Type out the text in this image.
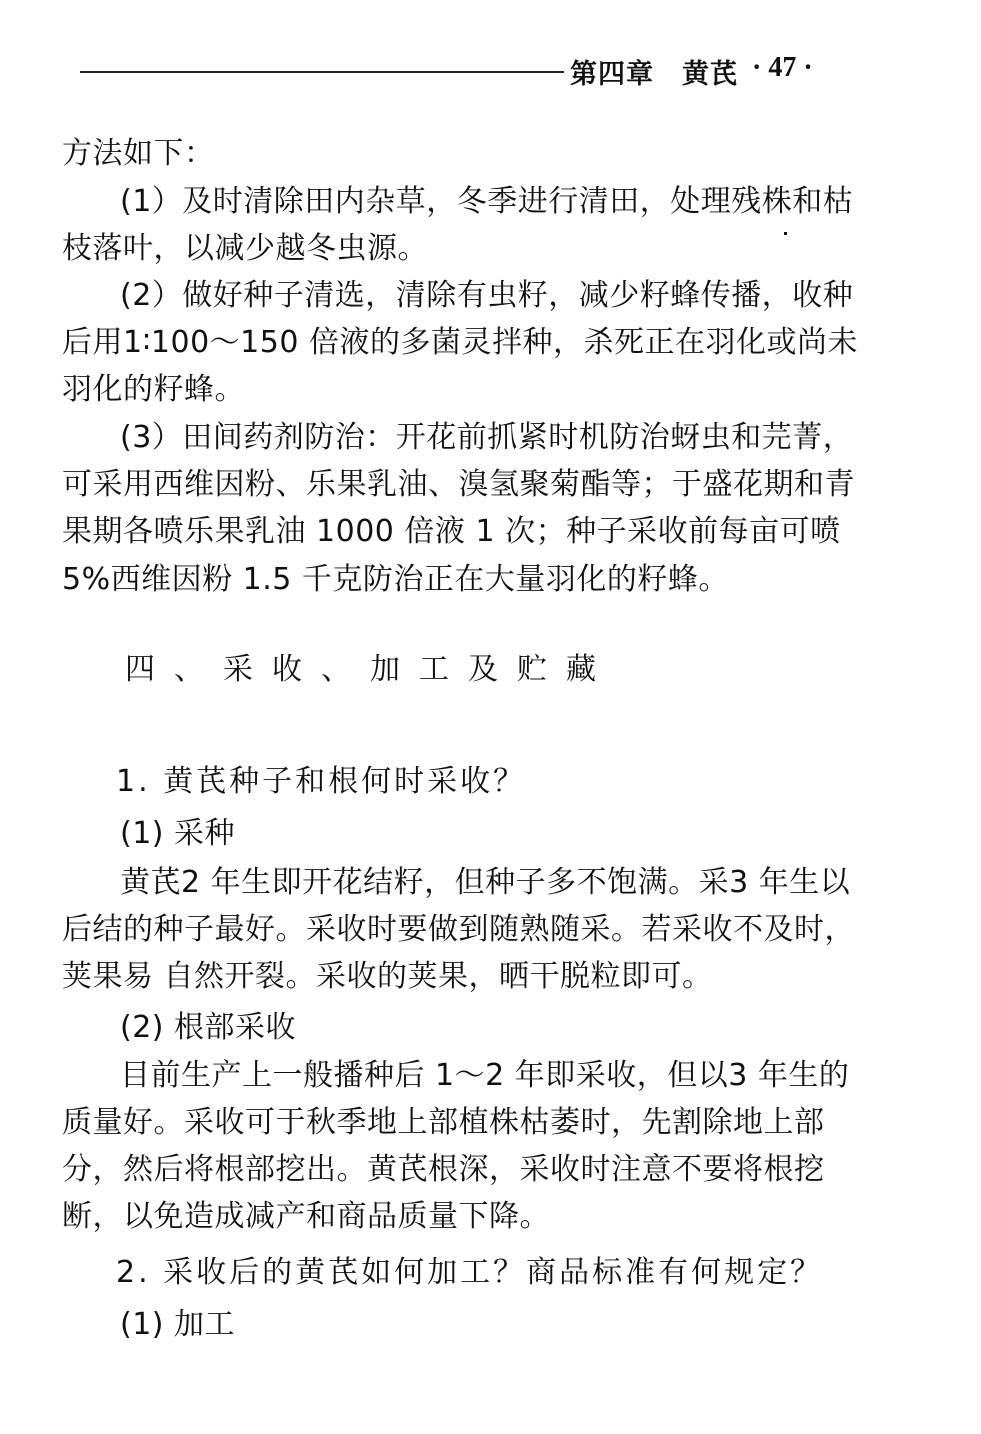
第四章　黄芪 · 47 ·
方法如下：
(1）及时清除田内杂草，冬季进行清田，处理残株和枯
枝落叶，以减少越冬虫源。
(2）做好种子清选，清除有虫籽，减少籽蜂传播，收种
后用1∶100～150 倍液的多菌灵拌种，杀死正在羽化或尚未
羽化的籽蜂。
(3）田间药剂防治：开花前抓紧时机防治蚜虫和芫菁，
可采用西维因粉、乐果乳油、溴氢聚菊酯等；于盛花期和青
果期各喷乐果乳油 1000 倍液 1 次；种子采收前每亩可喷
5%西维因粉 1.5 千克防治正在大量羽化的籽蜂。
四、采收、加工及贮藏
1. 黄芪种子和根何时采收？
(1) 采种
黄芪2 年生即开花结籽，但种子多不饱满。采3 年生以
后结的种子最好。采收时要做到随熟随采。若采收不及时，
荚果易 自然开裂。采收的荚果，晒干脱粒即可。
(2) 根部采收
目前生产上一般播种后 1～2 年即采收，但以3 年生的
质量好。采收可于秋季地上部植株枯萎时，先割除地上部
分，然后将根部挖出。黄芪根深，采收时注意不要将根挖
断，以免造成减产和商品质量下降。
2. 采收后的黄芪如何加工？商品标准有何规定？
(1) 加工
